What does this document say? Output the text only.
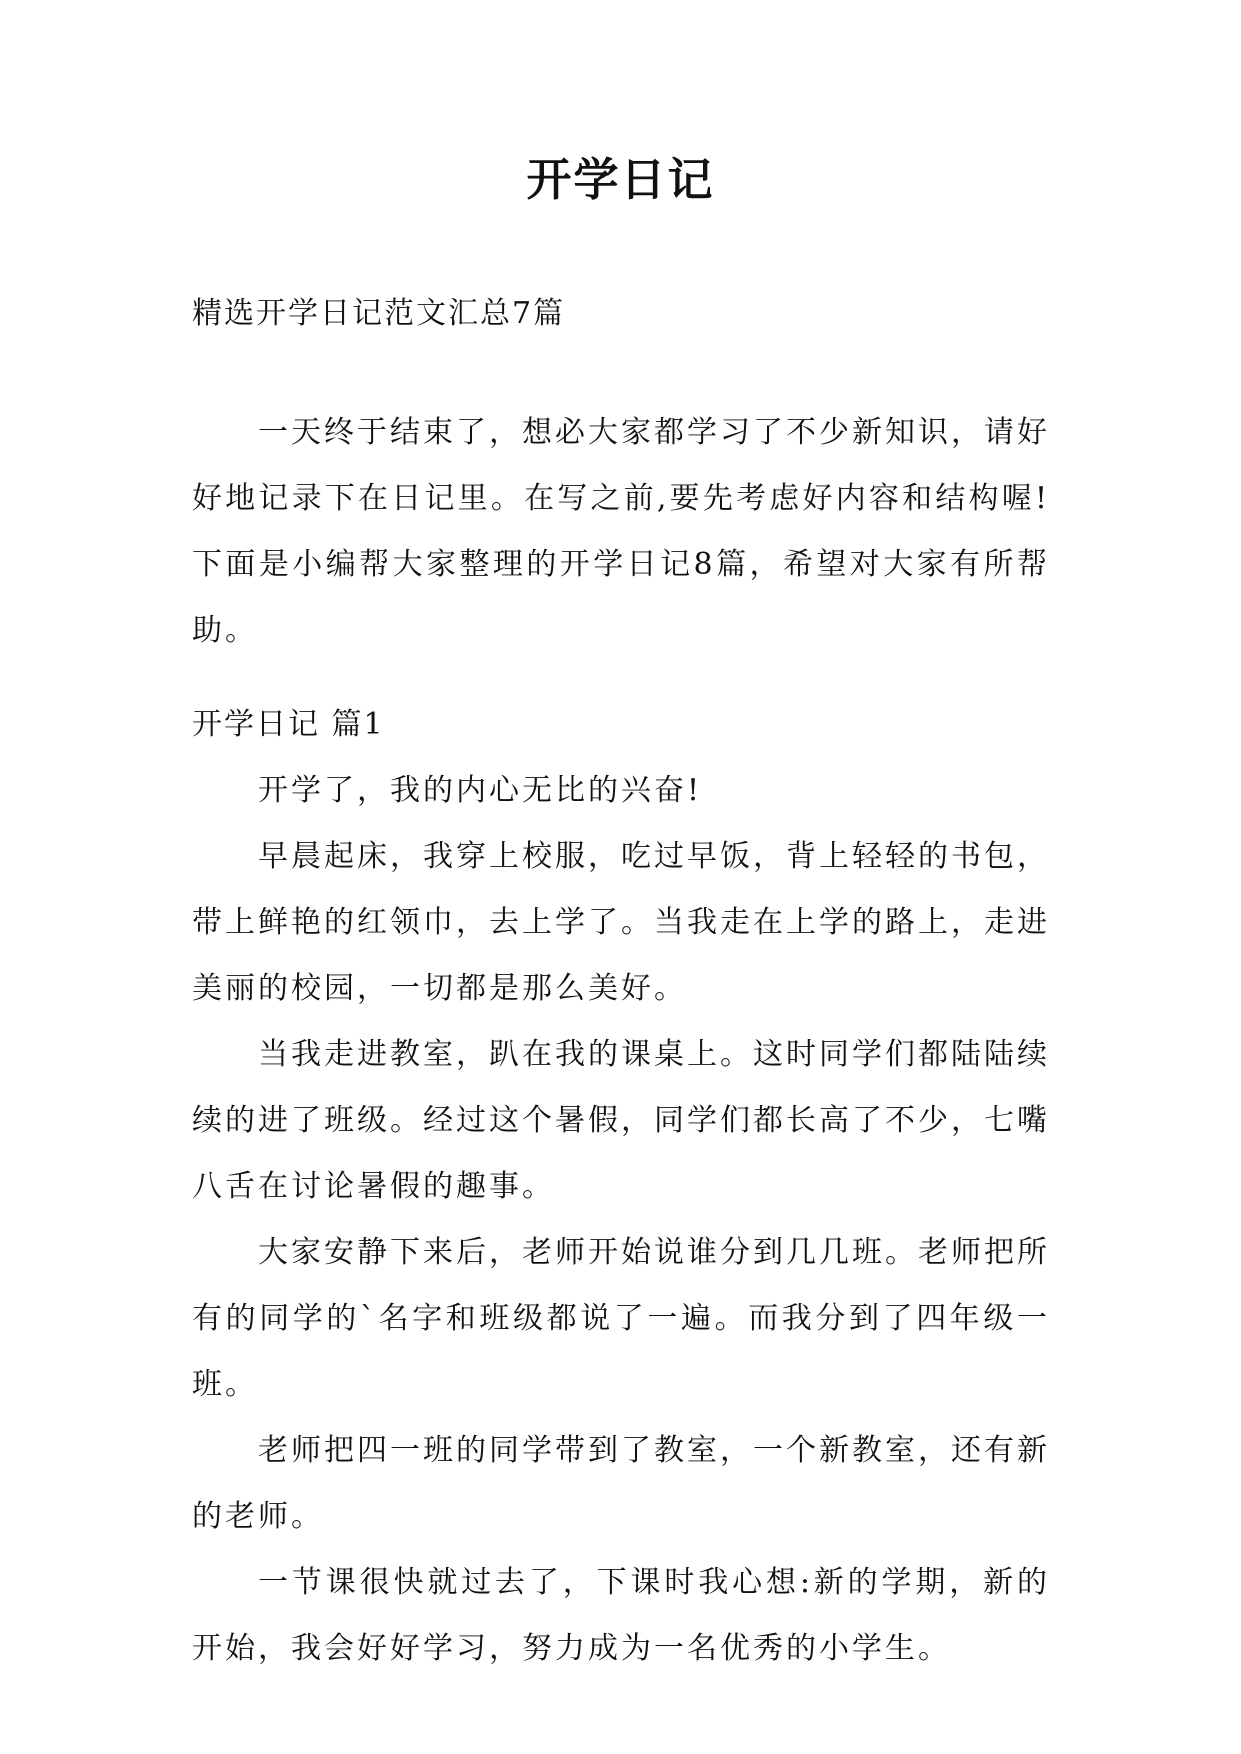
开学日记

精选开学日记范文汇总7篇

一天终于结束了，想必大家都学习了不少新知识，请好好地记录下在日记里。在写之前,要先考虑好内容和结构喔!下面是小编帮大家整理的开学日记8篇，希望对大家有所帮助。

开学日记 篇1

开学了，我的内心无比的兴奋!

早晨起床，我穿上校服，吃过早饭，背上轻轻的书包，带上鲜艳的红领巾，去上学了。当我走在上学的路上，走进美丽的校园，一切都是那么美好。

当我走进教室，趴在我的课桌上。这时同学们都陆陆续续的进了班级。经过这个暑假，同学们都长高了不少，七嘴八舌在讨论暑假的趣事。

大家安静下来后，老师开始说谁分到几几班。老师把所有的同学的`名字和班级都说了一遍。而我分到了四年级一班。

老师把四一班的同学带到了教室，一个新教室，还有新的老师。

一节课很快就过去了，下课时我心想:新的学期，新的开始，我会好好学习，努力成为一名优秀的小学生。
